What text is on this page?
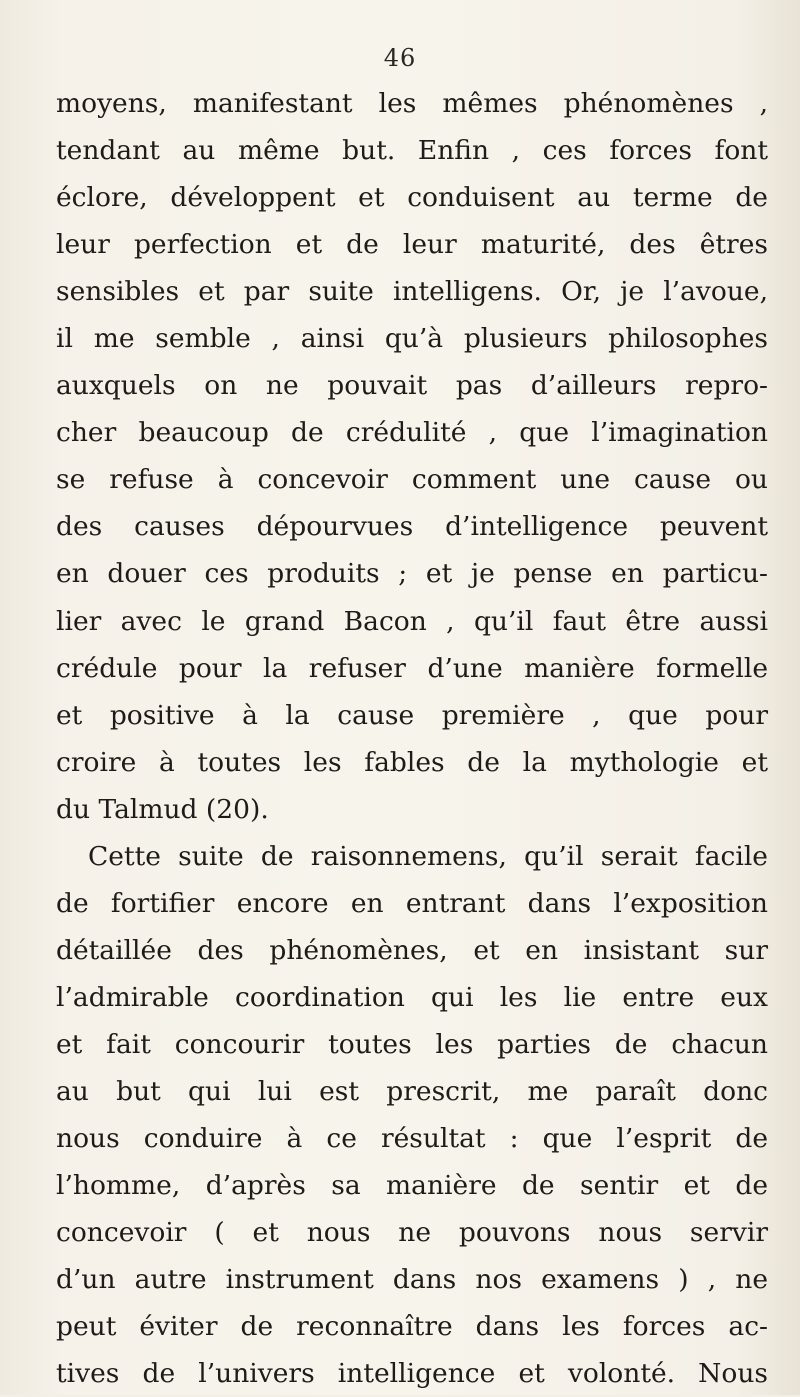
46
moyens, manifestant les mêmes phénomènes ,
tendant au même but. Enfin , ces forces font
éclore, développent et conduisent au terme de
leur perfection et de leur maturité, des êtres
sensibles et par suite intelligens. Or, je l’avoue,
il me semble , ainsi qu’à plusieurs philosophes
auxquels on ne pouvait pas d’ailleurs repro-
cher beaucoup de crédulité , que l’imagination
se refuse à concevoir comment une cause ou
des causes dépourvues d’intelligence peuvent
en douer ces produits ; et je pense en particu-
lier avec le grand Bacon , qu’il faut être aussi
crédule pour la refuser d’une manière formelle
et positive à la cause première , que pour
croire à toutes les fables de la mythologie et
du Talmud (20).
Cette suite de raisonnemens, qu’il serait facile
de fortifier encore en entrant dans l’exposition
détaillée des phénomènes, et en insistant sur
l’admirable coordination qui les lie entre eux
et fait concourir toutes les parties de chacun
au but qui lui est prescrit, me paraît donc
nous conduire à ce résultat : que l’esprit de
l’homme, d’après sa manière de sentir et de
concevoir ( et nous ne pouvons nous servir
d’un autre instrument dans nos examens ) , ne
peut éviter de reconnaître dans les forces ac-
tives de l’univers intelligence et volonté. Nous
